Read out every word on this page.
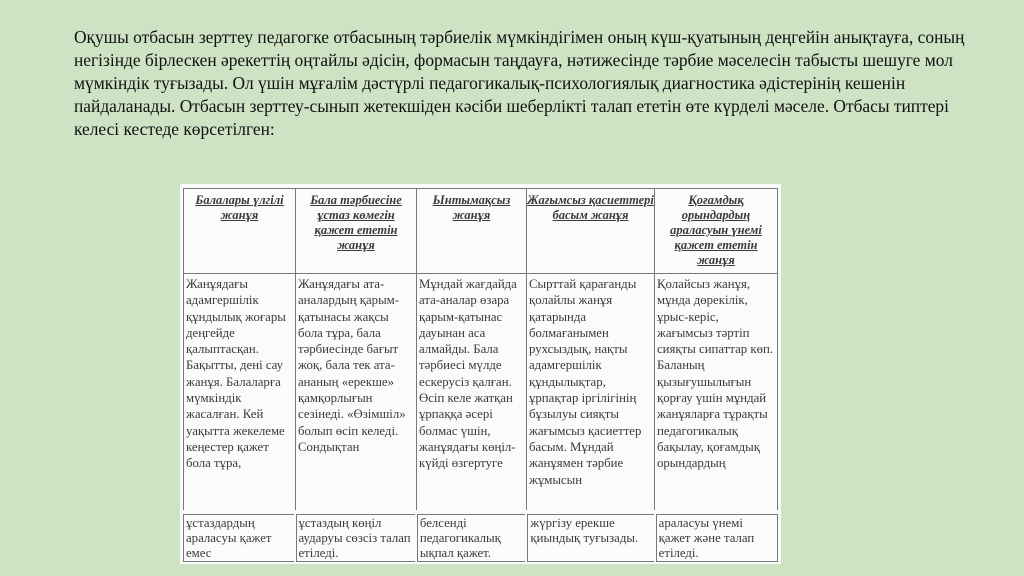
Оқушы отбасын зерттеу педагогке отбасының тәрбиелік мүмкіндігімен оның күш-қуатының деңгейін анықтауға, соның негізінде бірлескен әрекеттің оңтайлы әдісін, формасын таңдауға, нәтижесінде тәрбие мәселесін табысты шешуге мол мүмкіндік туғызады. Ол үшін мұғалім дәстүрлі педагогикалық-психологиялық диагностика әдістерінің кешенін пайдаланады. Отбасын зерттеу-сынып жетекшіден кәсіби шеберлікті талап ететін өте күрделі мәселе. Отбасы типтері келесі кестеде көрсетілген:
Балалары үлгілі жанұя
Бала тәрбиесіне ұстаз көмегін қажет ететін жанұя
Ынтымақсыз жанұя
Жағымсыз қасиеттері басым жанұя
Қоғамдық орындардың араласуын үнемі қажет ететін жанұя
Жанұядағы адамгершілік құндылық жоғары деңгейде қалыптасқан. Бақытты, дені сау жанұя. Балаларға мүмкіндік жасалған. Кей уақытта жекелеме кеңестер қажет бола тұра,
Жанұядағы ата-аналардың қарым-қатынасы жақсы бола тұра, бала тәрбиесінде бағыт жоқ, бала тек ата-ананың «ерекше» қамқорлығын сезінеді. «Өзімшіл» болып өсіп келеді. Сондықтан
Мұндай жағдайда ата-аналар өзара қарым-қатынас дауынан аса алмайды. Бала тәрбиесі мүлде ескерусіз қалған. Өсіп келе жатқан ұрпаққа әсері болмас үшін, жанұядағы көңіл-күйді өзгертуге
Сырттай қарағанды қолайлы жанұя қатарында болмағанымен рухсыздық, нақты адамгершілік құндылықтар, ұрпақтар іргілігінің бұзылуы сияқты жағымсыз қасиеттер басым. Мұндай жанұямен тәрбие жұмысын
Қолайсыз жанұя, мұнда дөрекілік, ұрыс-керіс, жағымсыз тәртіп сияқты сипаттар көп. Баланың қызығушылығын қорғау үшін мұндай жанұяларға тұрақты педагогикалық бақылау, қоғамдық орындардың
ұстаздардың араласуы қажет емес
ұстаздың көңіл аударуы сөзсіз талап етіледі.
белсенді педагогикалық ықпал қажет.
жүргізу ерекше қиындық туғызады.
араласуы үнемі қажет және талап етіледі.
